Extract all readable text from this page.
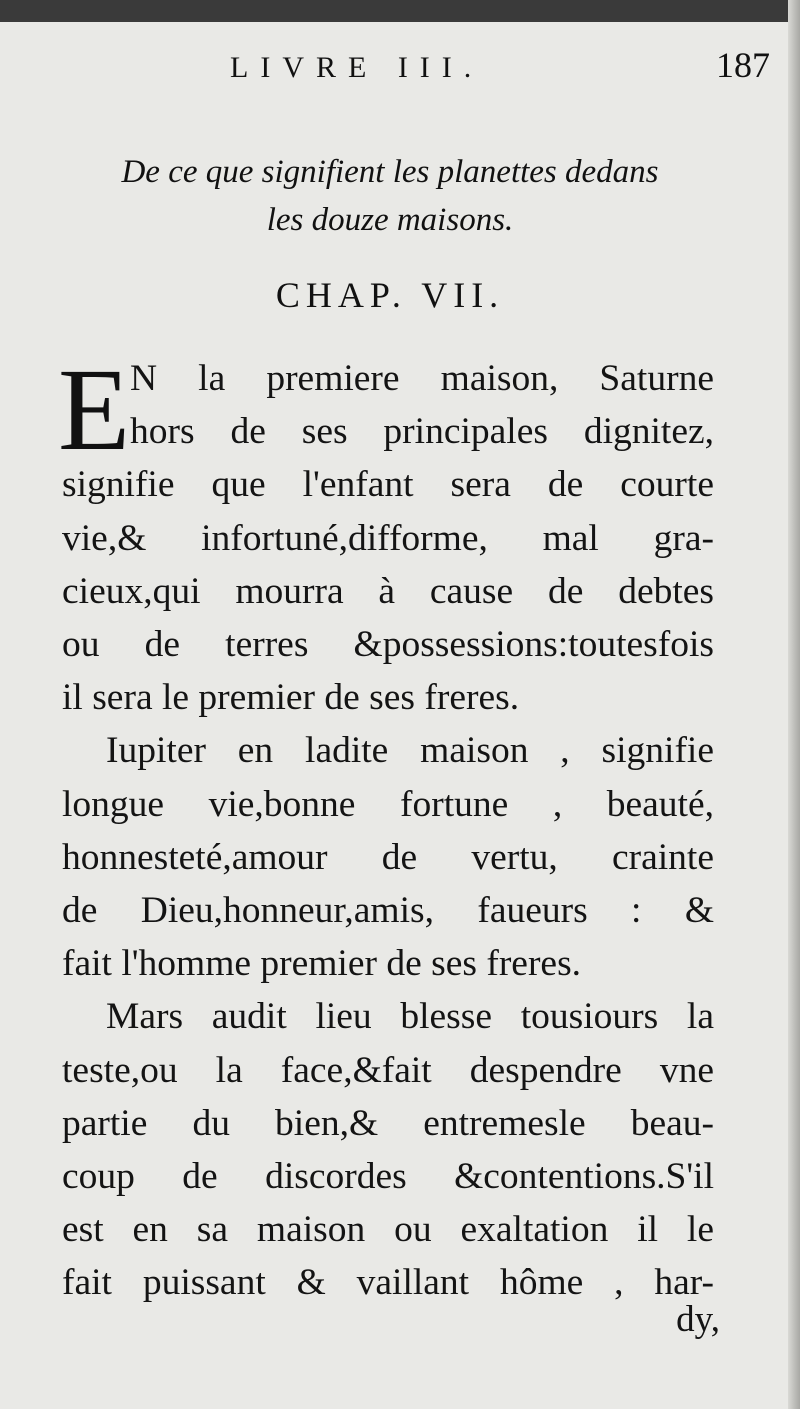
LIVRE III.	187
De ce que signifient les planettes dedans
les douze maisons.
CHAP. VII.
E N la premiere maison, Saturne
hors de ses principales dignitez,
signifie que l'enfant sera de courte
vie,& infortuné,difforme, mal gra-
cieux,qui mourra à cause de debtes
ou de terres &possessions:toutesfois
il sera le premier de ses freres.
Iupiter en ladite maison , signifie
longue vie,bonne fortune , beauté,
honnesteté,amour de vertu, crainte
de Dieu,honneur,amis, faueurs : &
fait l'homme premier de ses freres.
Mars audit lieu blesse tousiours la
teste,ou la face,&fait despendre vne
partie du bien,& entremesle beau-
coup de discordes &contentions.S'il
est en sa maison ou exaltation il le
fait puissant & vaillant hôme , har-
dy,
